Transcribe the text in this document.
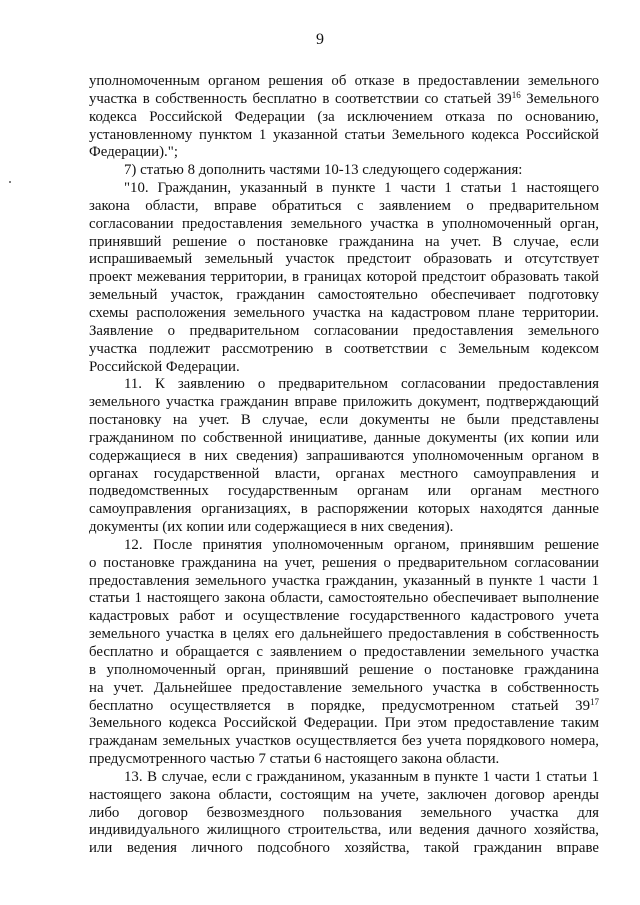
9
уполномоченным органом решения об отказе в предоставлении земельного
участка в собственность бесплатно в соответствии со статьей $39^{16}$ Земельного
кодекса Российской Федерации (за исключением отказа по основанию,
установленному пунктом 1 указанной статьи Земельного кодекса Российской
Федерации).";
7) статью 8 дополнить частями 10-13 следующего содержания:
"10. Гражданин, указанный в пункте 1 части 1 статьи 1 настоящего
закона области, вправе обратиться с заявлением о предварительном
согласовании предоставления земельного участка в уполномоченный орган,
принявший решение о постановке гражданина на учет. В случае, если
испрашиваемый земельный участок предстоит образовать и отсутствует
проект межевания территории, в границах которой предстоит образовать такой
земельный участок, гражданин самостоятельно обеспечивает подготовку
схемы расположения земельного участка на кадастровом плане территории.
Заявление о предварительном согласовании предоставления земельного
участка подлежит рассмотрению в соответствии с Земельным кодексом
Российской Федерации.
11. К заявлению о предварительном согласовании предоставления
земельного участка гражданин вправе приложить документ, подтверждающий
постановку на учет. В случае, если документы не были представлены
гражданином по собственной инициативе, данные документы (их копии или
содержащиеся в них сведения) запрашиваются уполномоченным органом в
органах государственной власти, органах местного самоуправления и
подведомственных государственным органам или органам местного
самоуправления организациях, в распоряжении которых находятся данные
документы (их копии или содержащиеся в них сведения).
12. После принятия уполномоченным органом, принявшим решение
о постановке гражданина на учет, решения о предварительном согласовании
предоставления земельного участка гражданин, указанный в пункте 1 части 1
статьи 1 настоящего закона области, самостоятельно обеспечивает выполнение
кадастровых работ и осуществление государственного кадастрового учета
земельного участка в целях его дальнейшего предоставления в собственность
бесплатно и обращается с заявлением о предоставлении земельного участка
в уполномоченный орган, принявший решение о постановке гражданина
на учет. Дальнейшее предоставление земельного участка в собственность
бесплатно осуществляется в порядке, предусмотренном статьей $39^{17}$
Земельного кодекса Российской Федерации. При этом предоставление таким
гражданам земельных участков осуществляется без учета порядкового номера,
предусмотренного частью 7 статьи 6 настоящего закона области.
13. В случае, если с гражданином, указанным в пункте 1 части 1 статьи 1
настоящего закона области, состоящим на учете, заключен договор аренды
либо договор безвозмездного пользования земельного участка для
индивидуального жилищного строительства, или ведения дачного хозяйства,
или ведения личного подсобного хозяйства, такой гражданин вправе
